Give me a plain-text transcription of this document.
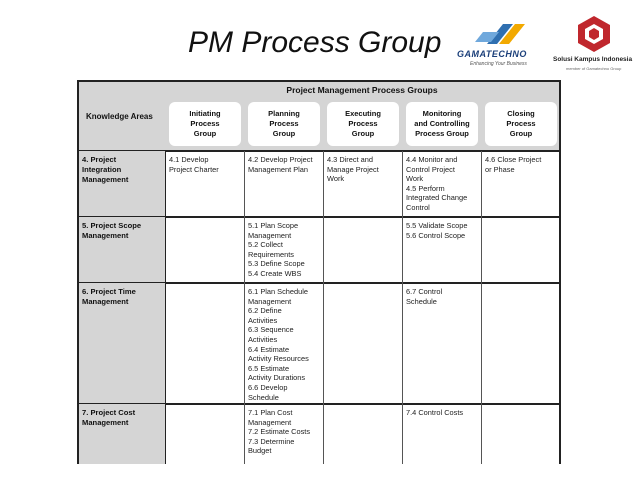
PM Process Group GAMATECHNO
Enhancing Your Business
Solusi Kampus Indonesia
member of Gamatechno Group
Knowledge Areas
Project Management Process Groups
Initiating
Process
Group
Planning
Process
Group
Executing
Process
Group
Monitoring
and Controlling
Process Group
Closing
Process
Group
4. Project
Integration
Management
5. Project Scope
Management
6. Project Time
Management
7. Project Cost
Management
4.1 Develop
Project Charter
4.2 Develop Project
Management Plan
4.3 Direct and
Manage Project
Work
4.4 Monitor and
Control Project
Work
4.5 Perform
Integrated Change
Control
4.6 Close Project
or Phase
5.1 Plan Scope
Management
5.2 Collect
Requirements
5.3 Define Scope
5.4 Create WBS
5.5 Validate Scope
5.6 Control Scope
6.1 Plan Schedule
Management
6.2 Define
Activities
6.3 Sequence
Activities
6.4 Estimate
Activity Resources
6.5 Estimate
Activity Durations
6.6 Develop
Schedule
6.7 Control
Schedule
7.1 Plan Cost
Management
7.2 Estimate Costs
7.3 Determine
Budget
7.4 Control Costs
